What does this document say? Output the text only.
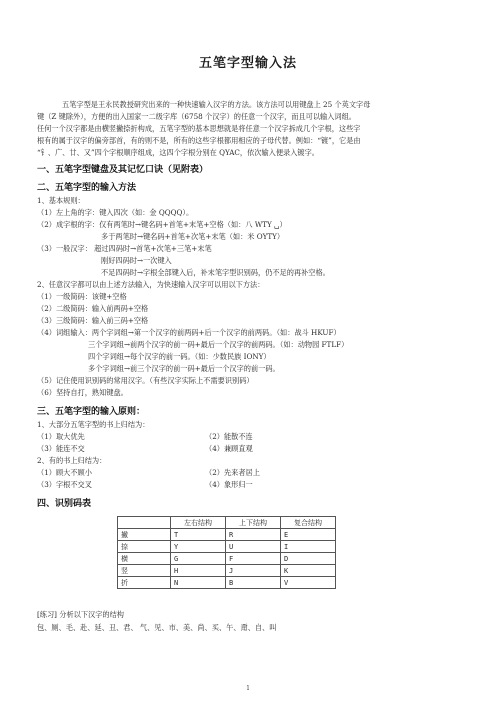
五笔字型输入法
五笔字型是王永民教授研究出来的一种快速输入汉字的方法。该方法可以用键盘上 25 个英文字母
键（Z 键除外），方便的出入国家一二级字库（6758 个汉字）的任意一个汉字，而且可以输入词组。
任何一个汉字都是由横竖撇捺折构成，五笔字型的基本思想就是将任意一个汉字拆成几个字根，这些字
根有的属于汉字的偏旁部首，有的则不是，所有的这些字根都用相应的子母代替。例如：“镀”，它是由
“钅、广、廿、又”四个字根顺序组成，这四个字根分别在 QYAC，依次输入便录入镀字。
一、五笔字型键盘及其记忆口诀（见附表）
二、五笔字型的输入方法
1、基本规则：
（1）左上角的字：键入四次（如：金 QQQQ）。
（2）成字根的字：仅有两笔时→键名码+首笔+末笔+空格（如：八 WTY ␣）
多于两笔时→键名码+首笔+次笔+末笔（如：米 OYTY）
（3）一般汉字： 超过四码时→首笔+次笔+三笔+末笔
刚好四码时→一次键入
不足四码时→字根全部键入后，补末笔字型识别码，仍不足的再补空格。
2、任意汉字都可以由上述方法输入，为快速输入汉字可以用以下方法：
（1）一级简码：该键+空格
（2）二级简码：输入前两码+空格
（3）三级简码：输入前三码+空格
（4）词组输入：两个字词组→第一个汉字的前两码+后一个汉字的前两码。（如：战斗 HKUF）
三个字词组→前两个汉字的前一码+最后一个汉字的前两码。（如：动物园 FTLF）
四个字词组→每个汉字的前一码。（如：少数民族 IONY）
多个字词组→前三个汉字的前一码+最后一个汉字的前一码。
（5）记住使用识别码的常用汉字。（有些汉字实际上不需要识别码）
（6）坚持自打，熟知键盘。
三、五笔字型的输入原则：
1、大部分五笔字型的书上归结为：
（1）取大优先	（2）能散不连
（3）能连不交	（4）兼顾直观
2、有的书上归结为：
（1）顾大不顾小	（2）先来者居上
（3）字根不交叉	（4）象形归一
四、识别码表
	左右结构	上下结构	复合结构
撇	T	R	E
捺	Y	U	I
横	G	F	D
竖	H	J	K
折	N	B	V
[练习] 分析以下汉字的结构
包、厕、毛、赴、延、丑、君、 气、见、市、美、尚、买、午、甭、自、叫
1
